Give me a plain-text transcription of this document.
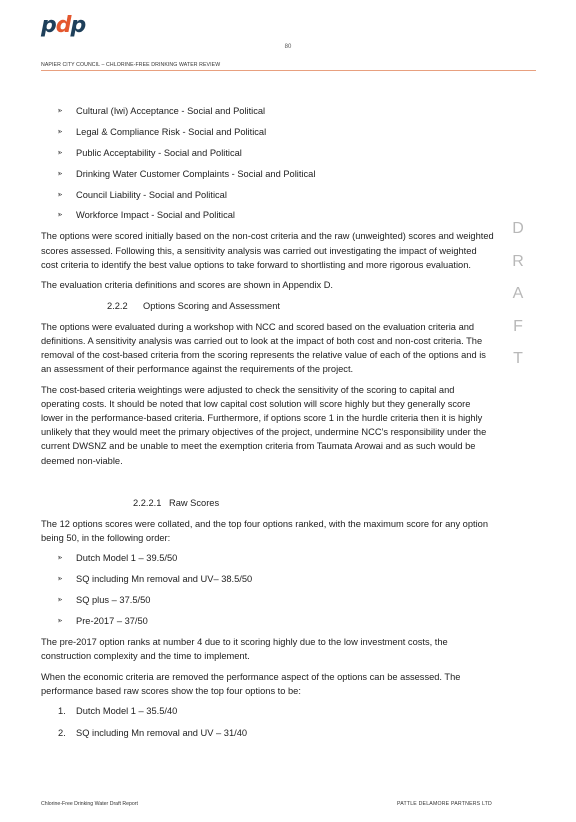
pdp
80
NAPIER CITY COUNCIL – CHLORINE-FREE DRINKING WATER REVIEW
D
R
A
F
T
⪢ Cultural (Iwi) Acceptance - Social and Political
⪢ Legal & Compliance Risk - Social and Political
⪢ Public Acceptability - Social and Political
⪢ Drinking Water Customer Complaints - Social and Political
⪢ Council Liability - Social and Political
⪢ Workforce Impact - Social and Political

The options were scored initially based on the non-cost criteria and the raw (unweighted) scores and weighted scores assessed. Following this, a sensitivity analysis was carried out investigating the impact of weighted cost criteria to identify the best value options to take forward to shortlisting and more rigorous evaluation.

The evaluation criteria definitions and scores are shown in Appendix D.

2.2.2 Options Scoring and Assessment

The options were evaluated during a workshop with NCC and scored based on the evaluation criteria and definitions. A sensitivity analysis was carried out to look at the impact of both cost and non-cost criteria. The removal of the cost-based criteria from the scoring represents the relative value of each of the options and is an assessment of their performance against the requirements of the project.

The cost-based criteria weightings were adjusted to check the sensitivity of the scoring to capital and operating costs. It should be noted that low capital cost solution will score highly but they generally score lower in the performance-based criteria. Furthermore, if options score 1 in the hurdle criteria then it is highly unlikely that they would meet the primary objectives of the project, undermine NCC’s responsibility under the current DWSNZ and be unable to meet the exemption criteria from Taumata Arowai and as such would be deemed non-viable.

2.2.2.1 Raw Scores

The 12 options scores were collated, and the top four options ranked, with the maximum score for any option being 50, in the following order:

⪢ Dutch Model 1 – 39.5/50
⪢ SQ including Mn removal and UV– 38.5/50
⪢ SQ plus – 37.5/50
⪢ Pre-2017 – 37/50

The pre-2017 option ranks at number 4 due to it scoring highly due to the low investment costs, the construction complexity and the time to implement.

When the economic criteria are removed the performance aspect of the options can be assessed. The performance based raw scores show the top four options to be:

1. Dutch Model 1 – 35.5/40
2. SQ including Mn removal and UV – 31/40
Chlorine-Free Drinking Water Draft Report	PATTLE DELAMORE PARTNERS LTD
